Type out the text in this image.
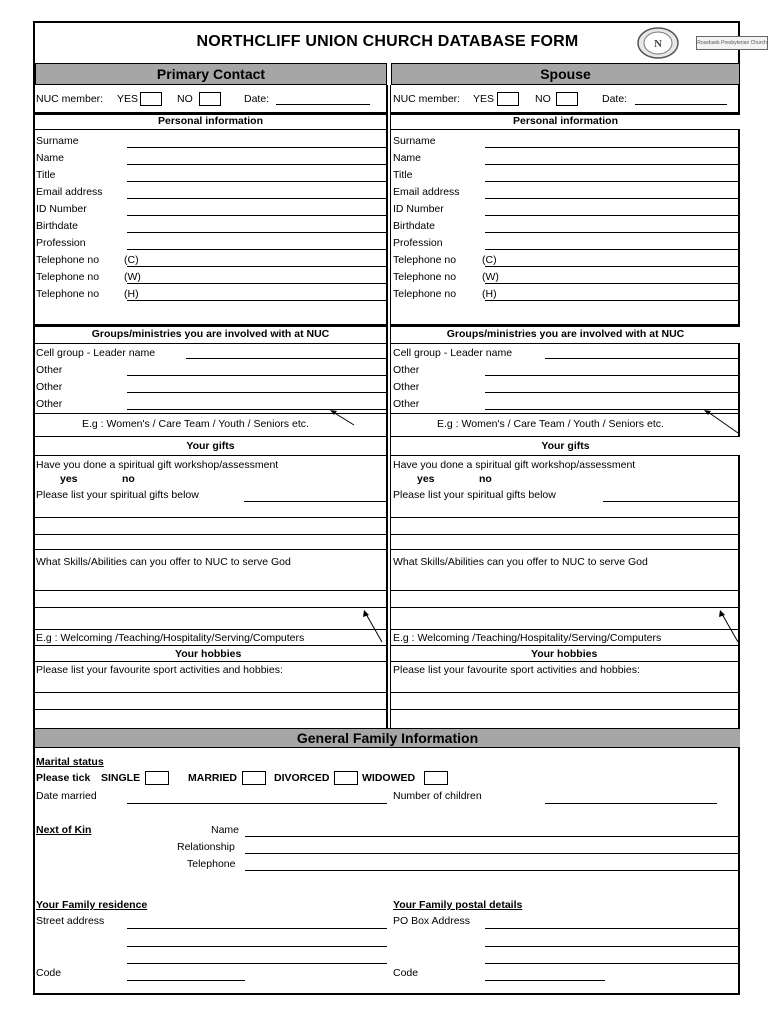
NORTHCLIFF UNION CHURCH DATABASE FORM	N	Rosebank Presbyterian Church
Primary Contact	Spouse
NUC member: YES	NO	Date:
Personal information
Surname
Name
Title
Email address
ID Number
Birthdate
Profession
Telephone no (C)
Telephone no (W)
Telephone no (H)
Groups/ministries you are involved with at NUC
Cell group - Leader name
Other
Other
Other
E.g : Women's / Care Team / Youth / Seniors etc.
Your gifts
Have you done a spiritual gift workshop/assessment
yes	no
Please list your spiritual gifts below
What Skills/Abilities can you offer to NUC to serve God
E.g : Welcoming /Teaching/Hospitality/Serving/Computers
Your hobbies
Please list your favourite sport activities and hobbies:
NUC member: YES	NO	Date:
Personal information
Surname
Name
Title
Email address
ID Number
Birthdate
Profession
Telephone no (C)
Telephone no (W)
Telephone no (H)
Groups/ministries you are involved with at NUC
Cell group - Leader name
Other
Other
Other
E.g : Women's / Care Team / Youth / Seniors etc.
Your gifts
Have you done a spiritual gift workshop/assessment
yes	no
Please list your spiritual gifts below
What Skills/Abilities can you offer to NUC to serve God
E.g : Welcoming /Teaching/Hospitality/Serving/Computers
Your hobbies
Please list your favourite sport activities and hobbies:
General Family Information
Marital status
Please tick SINGLE	MARRIED	DIVORCED	WIDOWED
Date married	Number of children
Next of Kin	Name
Relationship
Telephone
Your Family residence
Street address
Code
Your Family postal details
PO Box Address
Code
